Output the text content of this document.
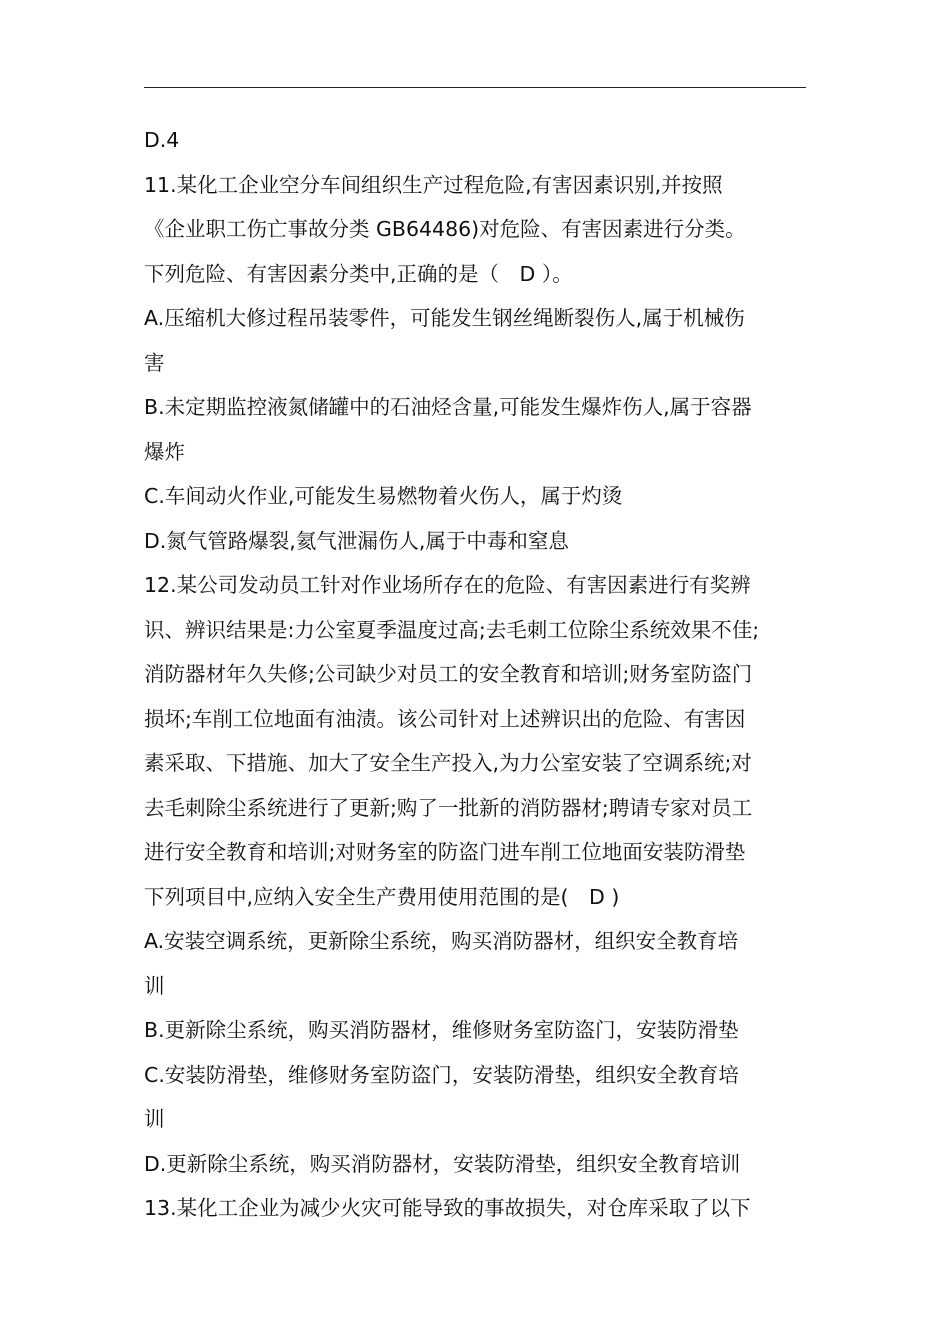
D.4
11.某化工企业空分车间组织生产过程危险,有害因素识别,并按照
《企业职工伤亡事故分类 GB64486)对危险、有害因素进行分类。
下列危险、有害因素分类中,正确的是（　D ）。
A.压缩机大修过程吊装零件，可能发生钢丝绳断裂伤人,属于机械伤
害
B.未定期监控液氮储罐中的石油烃含量,可能发生爆炸伤人,属于容器
爆炸
C.车间动火作业,可能发生易燃物着火伤人，属于灼烫
D.氮气管路爆裂,氦气泄漏伤人,属于中毒和窒息
12.某公司发动员工针对作业场所存在的危险、有害因素进行有奖辨
识、辨识结果是:力公室夏季温度过高;去毛刺工位除尘系统效果不佳;
消防器材年久失修;公司缺少对员工的安全教育和培训;财务室防盗门
损坏;车削工位地面有油渍。该公司针对上述辨识出的危险、有害因
素采取、下措施、加大了安全生产投入,为力公室安装了空调系统;对
去毛刺除尘系统进行了更新;购了一批新的消防器材;聘请专家对员工
进行安全教育和培训;对财务室的防盗门进车削工位地面安装防滑垫
下列项目中,应纳入安全生产费用使用范围的是(　D )
A.安装空调系统，更新除尘系统，购买消防器材，组织安全教育培
训
B.更新除尘系统，购买消防器材，维修财务室防盗门，安装防滑垫
C.安装防滑垫，维修财务室防盗门，安装防滑垫，组织安全教育培
训
D.更新除尘系统，购买消防器材，安装防滑垫，组织安全教育培训
13.某化工企业为减少火灾可能导致的事故损失，对仓库采取了以下
